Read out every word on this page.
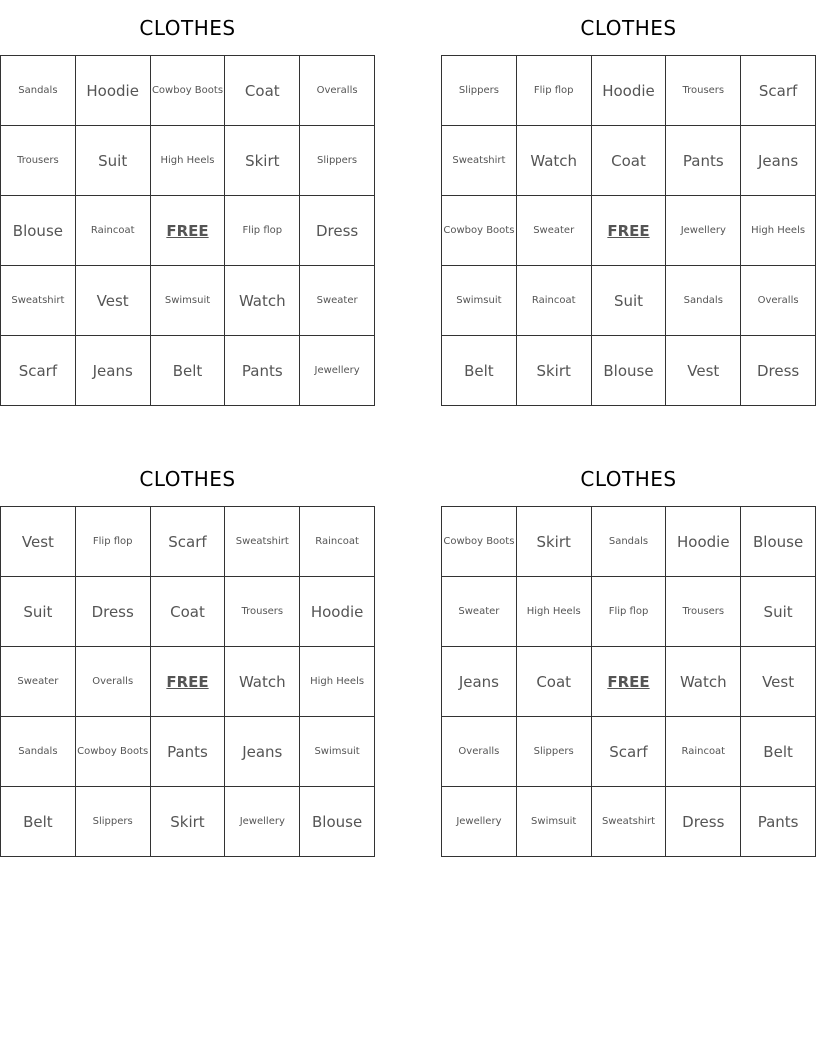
CLOTHES
Sandals	Hoodie	Cowboy Boots	Coat	Overalls
Trousers	Suit	High Heels	Skirt	Slippers
Blouse	Raincoat	FREE	Flip flop	Dress
Sweatshirt	Vest	Swimsuit	Watch	Sweater
Scarf	Jeans	Belt	Pants	Jewellery
CLOTHES
Slippers	Flip flop	Hoodie	Trousers	Scarf
Sweatshirt	Watch	Coat	Pants	Jeans
Cowboy Boots	Sweater	FREE	Jewellery	High Heels
Swimsuit	Raincoat	Suit	Sandals	Overalls
Belt	Skirt	Blouse	Vest	Dress
CLOTHES
Vest	Flip flop	Scarf	Sweatshirt	Raincoat
Suit	Dress	Coat	Trousers	Hoodie
Sweater	Overalls	FREE	Watch	High Heels
Sandals	Cowboy Boots	Pants	Jeans	Swimsuit
Belt	Slippers	Skirt	Jewellery	Blouse
CLOTHES
Cowboy Boots	Skirt	Sandals	Hoodie	Blouse
Sweater	High Heels	Flip flop	Trousers	Suit
Jeans	Coat	FREE	Watch	Vest
Overalls	Slippers	Scarf	Raincoat	Belt
Jewellery	Swimsuit	Sweatshirt	Dress	Pants
